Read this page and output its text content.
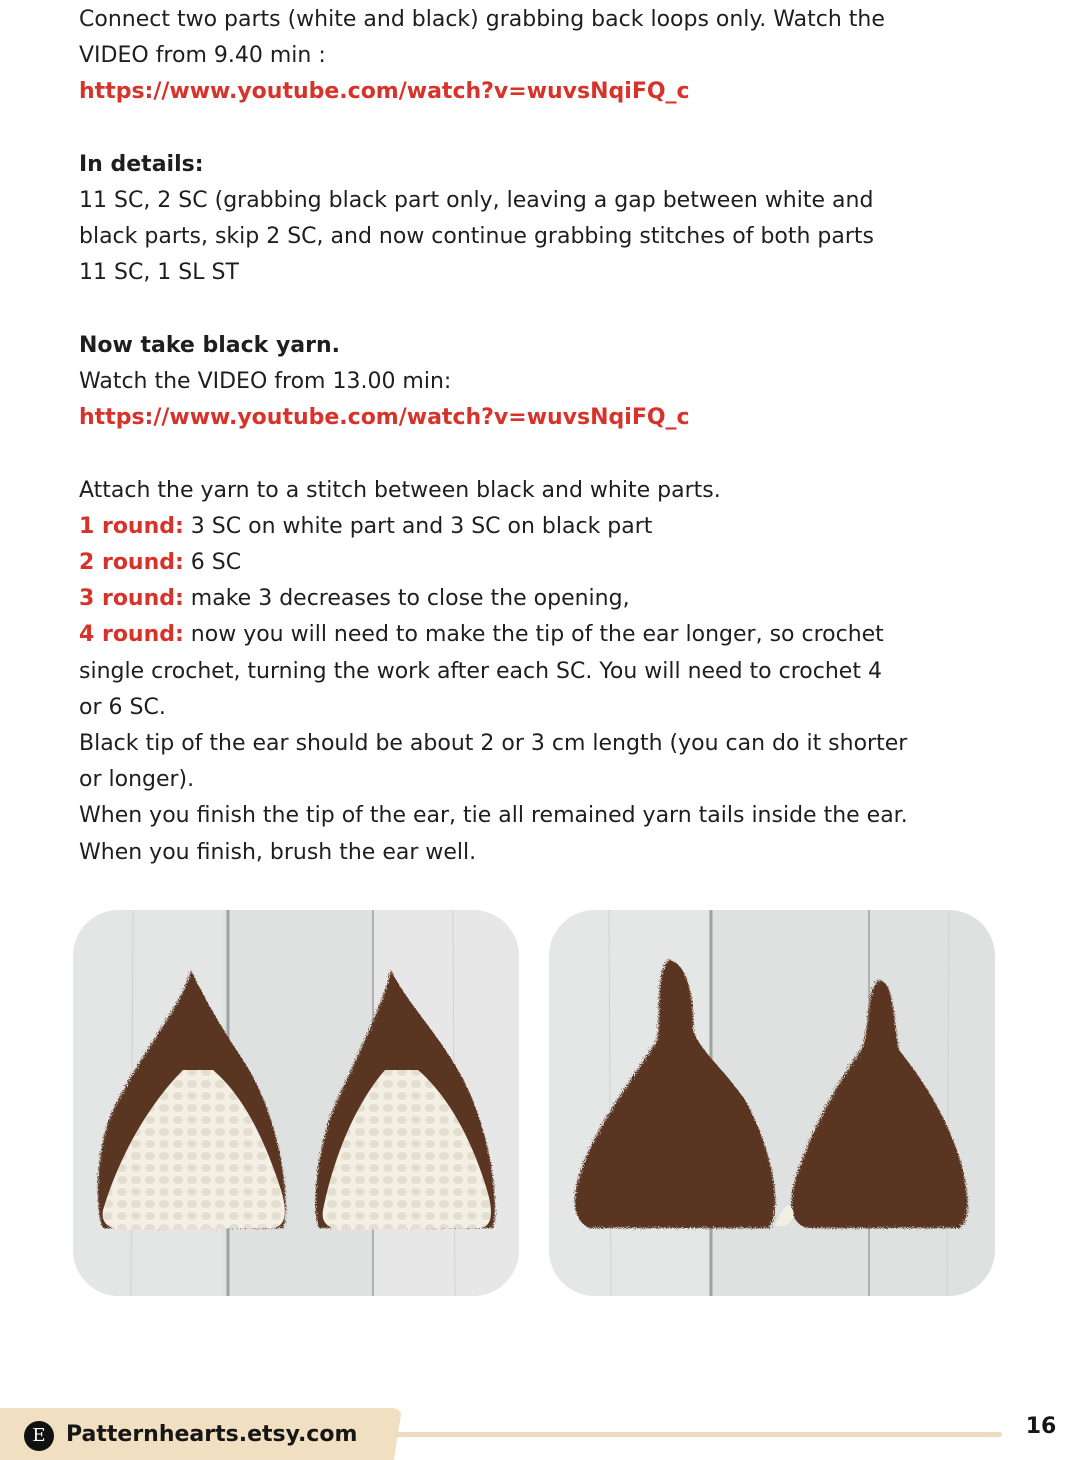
Connect two parts (white and black) grabbing back loops only. Watch the

VIDEO from 9.40 min :

https://www.youtube.com/watch?v=wuvsNqiFQ_c

In details:

11 SC, 2 SC (grabbing black part only, leaving a gap between white and

black parts, skip 2 SC, and now continue grabbing stitches of both parts

11 SC, 1 SL ST

Now take black yarn.

Watch the VIDEO from 13.00 min:

https://www.youtube.com/watch?v=wuvsNqiFQ_c

Attach the yarn to a stitch between black and white parts.

1 round: 3 SC on white part and 3 SC on black part

2 round: 6 SC

3 round: make 3 decreases to close the opening,

4 round: now you will need to make the tip of the ear longer, so crochet

single crochet, turning the work after each SC. You will need to crochet 4

or 6 SC.

Black tip of the ear should be about 2 or 3 cm length (you can do it shorter

or longer).

When you finish the tip of the ear, tie all remained yarn tails inside the ear.

When you finish, brush the ear well.

E Patternhearts.etsy.com	16
